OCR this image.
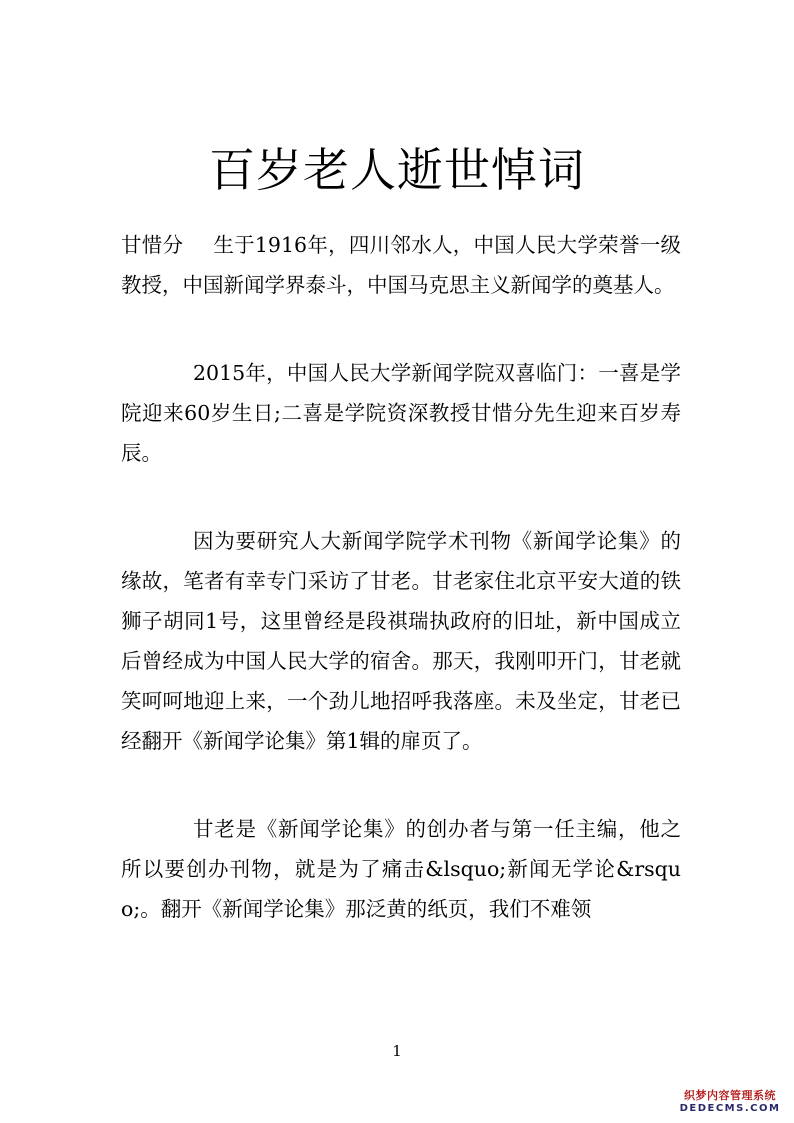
百岁老人逝世悼词

甘惜分 生于1916年，四川邻水人，中国人民大学荣誉一级教授，中国新闻学界泰斗，中国马克思主义新闻学的奠基人。

2015年，中国人民大学新闻学院双喜临门：一喜是学院迎来60岁生日;二喜是学院资深教授甘惜分先生迎来百岁寿辰。

因为要研究人大新闻学院学术刊物《新闻学论集》的缘故，笔者有幸专门采访了甘老。甘老家住北京平安大道的铁狮子胡同1号，这里曾经是段祺瑞执政府的旧址，新中国成立后曾经成为中国人民大学的宿舍。那天，我刚叩开门，甘老就笑呵呵地迎上来，一个劲儿地招呼我落座。未及坐定，甘老已经翻开《新闻学论集》第1辑的扉页了。

甘老是《新闻学论集》的创办者与第一任主编，他之所以要创办刊物，就是为了痛击&lsquo;新闻无学论&rsquo;。翻开《新闻学论集》那泛黄的纸页，我们不难领

1
织梦内容管理系统
DEDECMS.COM
